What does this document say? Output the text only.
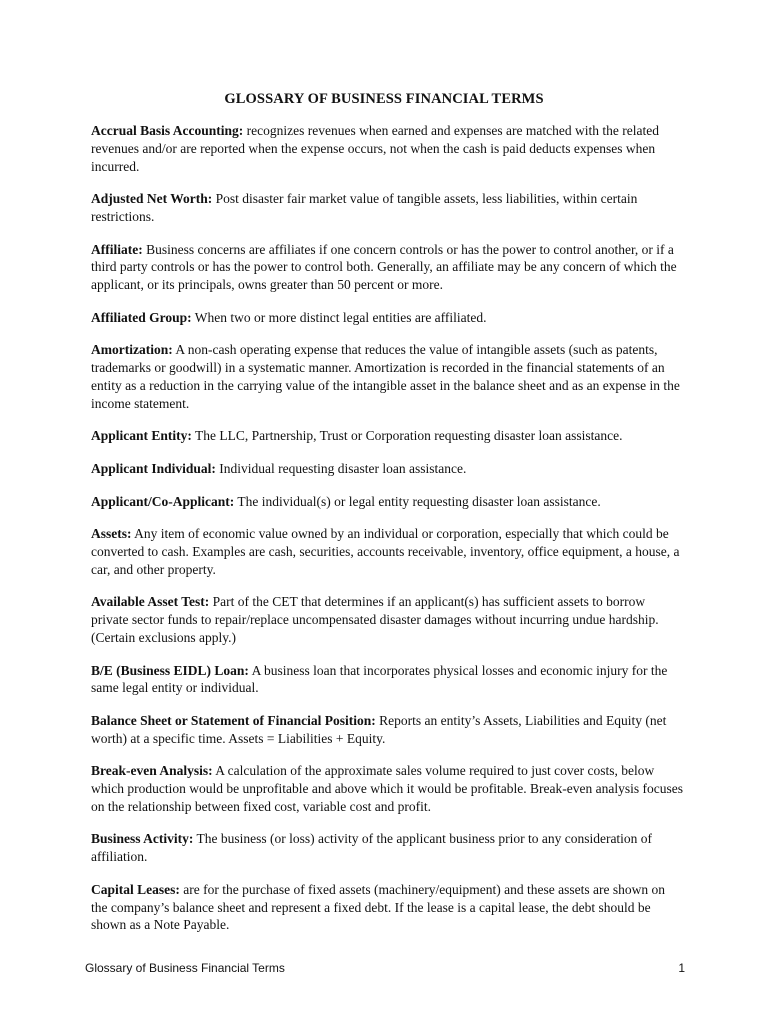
GLOSSARY OF BUSINESS FINANCIAL TERMS

Accrual Basis Accounting: recognizes revenues when earned and expenses are matched with the related revenues and/or are reported when the expense occurs, not when the cash is paid deducts expenses when incurred.

Adjusted Net Worth: Post disaster fair market value of tangible assets, less liabilities, within certain restrictions.

Affiliate: Business concerns are affiliates if one concern controls or has the power to control another, or if a third party controls or has the power to control both. Generally, an affiliate may be any concern of which the applicant, or its principals, owns greater than 50 percent or more.

Affiliated Group: When two or more distinct legal entities are affiliated.

Amortization: A non-cash operating expense that reduces the value of intangible assets (such as patents, trademarks or goodwill) in a systematic manner. Amortization is recorded in the financial statements of an entity as a reduction in the carrying value of the intangible asset in the balance sheet and as an expense in the income statement.

Applicant Entity: The LLC, Partnership, Trust or Corporation requesting disaster loan assistance.

Applicant Individual: Individual requesting disaster loan assistance.

Applicant/Co-Applicant: The individual(s) or legal entity requesting disaster loan assistance.

Assets: Any item of economic value owned by an individual or corporation, especially that which could be converted to cash. Examples are cash, securities, accounts receivable, inventory, office equipment, a house, a car, and other property.

Available Asset Test: Part of the CET that determines if an applicant(s) has sufficient assets to borrow private sector funds to repair/replace uncompensated disaster damages without incurring undue hardship. (Certain exclusions apply.)

B/E (Business EIDL) Loan: A business loan that incorporates physical losses and economic injury for the same legal entity or individual.

Balance Sheet or Statement of Financial Position: Reports an entity’s Assets, Liabilities and Equity (net worth) at a specific time. Assets = Liabilities + Equity.

Break-even Analysis: A calculation of the approximate sales volume required to just cover costs, below which production would be unprofitable and above which it would be profitable. Break-even analysis focuses on the relationship between fixed cost, variable cost and profit.

Business Activity: The business (or loss) activity of the applicant business prior to any consideration of affiliation.

Capital Leases: are for the purchase of fixed assets (machinery/equipment) and these assets are shown on the company’s balance sheet and represent a fixed debt. If the lease is a capital lease, the debt should be shown as a Note Payable.

Glossary of Business Financial Terms	1
